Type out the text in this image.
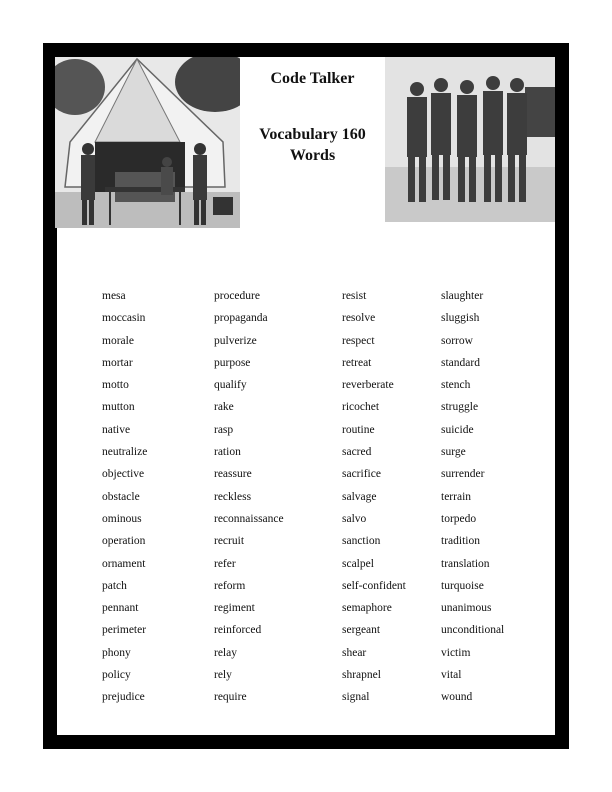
Code Talker
Vocabulary 160
Words
mesa
moccasin
morale
mortar
motto
mutton
native
neutralize
objective
obstacle
ominous
operation
ornament
patch
pennant
perimeter
phony
policy
prejudice
procedure
propaganda
pulverize
purpose
qualify
rake
rasp
ration
reassure
reckless
reconnaissance
recruit
refer
reform
regiment
reinforced
relay
rely
require
resist
resolve
respect
retreat
reverberate
ricochet
routine
sacred
sacrifice
salvage
salvo
sanction
scalpel
self-confident
semaphore
sergeant
shear
shrapnel
signal
slaughter
sluggish
sorrow
standard
stench
struggle
suicide
surge
surrender
terrain
torpedo
tradition
translation
turquoise
unanimous
unconditional
victim
vital
wound
